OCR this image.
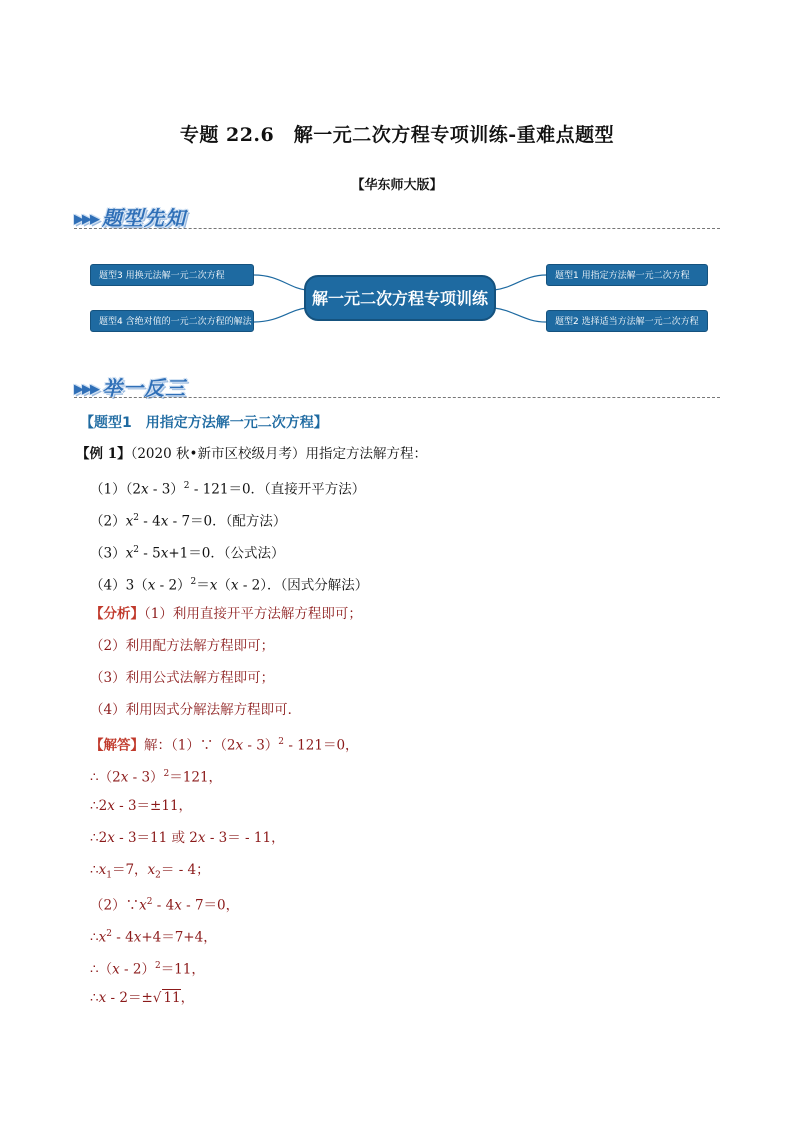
专题 22.6　解一元二次方程专项训练-重难点题型
【华东师大版】
▶▶▶ 题型先知
题型3 用换元法解一元二次方程
题型4 含绝对值的一元二次方程的解法
解一元二次方程专项训练
题型1 用指定方法解一元二次方程
题型2 选择适当方法解一元二次方程
▶▶▶ 举一反三
【题型1　用指定方法解一元二次方程】
【例 1】（2020 秋•新市区校级月考）用指定方法解方程：
（1）（2x - 3）$^2$ - 121＝0．（直接开平方法）
$(2)x^2 - 4x - 7=0$．（配方法）
$(3)x^2 - 5x+1=0$．（公式法）
（4）3（x - 2）$^2$＝x（x - 2）．（因式分解法）
【分析】（1）利用直接开平方法解方程即可；
（2）利用配方法解方程即可；
（3）利用公式法解方程即可；
（4）利用因式分解法解方程即可．
【解答】解：（1）∵（2x - 3）$^2$ - 121＝0，
∴（2x - 3）$^2$＝121，
∴2x - 3＝±11，
∴2x - 3＝11 或 2x - 3＝ - 11，
$\therefore x_1=7$，$x_2= - 4$；
$(2)\because x^2 - 4x - 7=0$，
$\therefore x^2 - 4x+4=7+4$，
∴（x - 2）$^2$＝11，
∴x - 2＝±√ 11，
